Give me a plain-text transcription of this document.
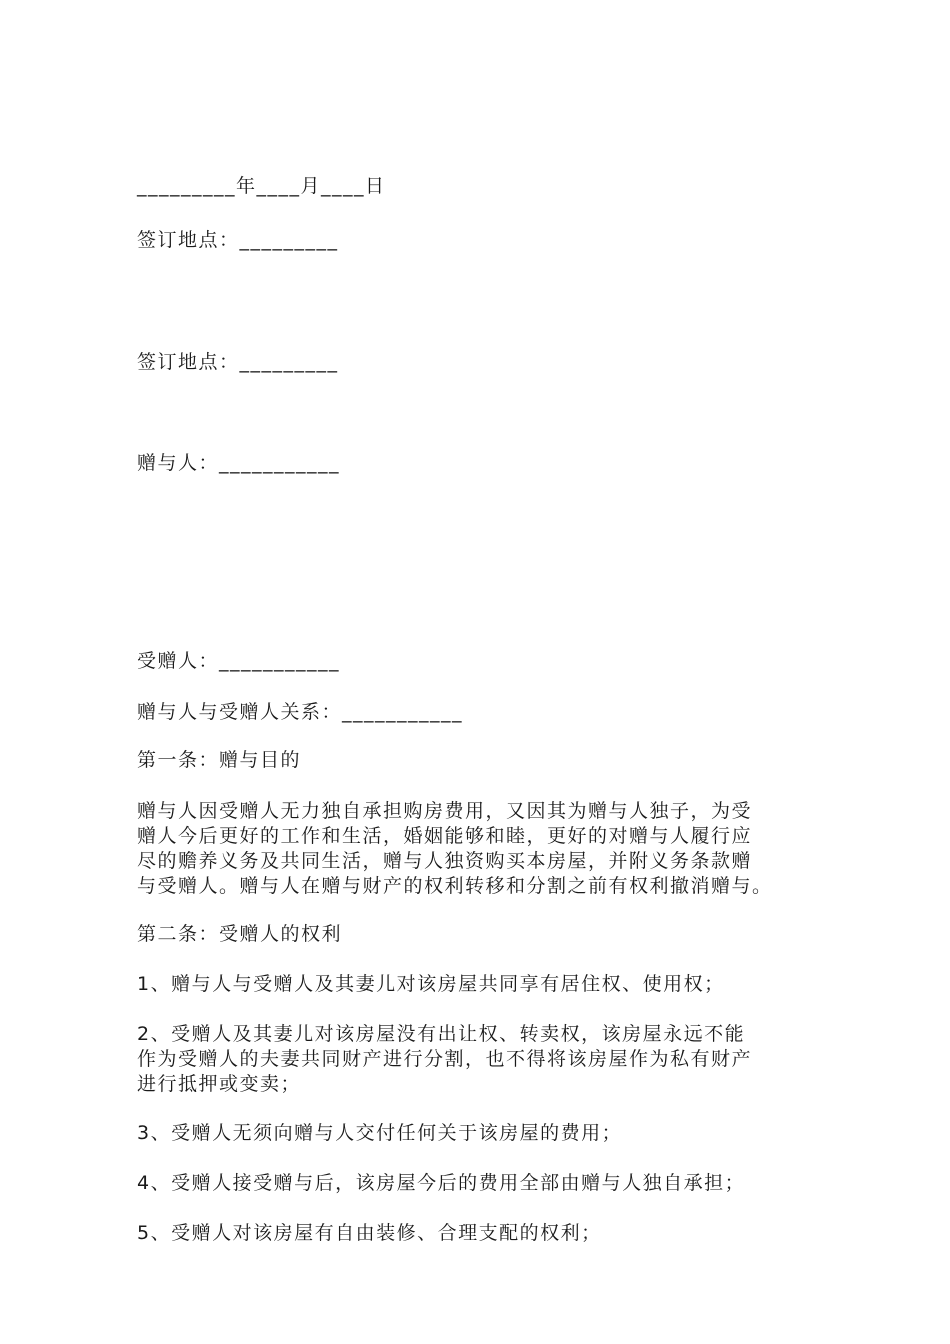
_________年____月____日
签订地点：_________
签订地点：_________
赠与人：___________
受赠人：___________
赠与人与受赠人关系：___________
第一条：赠与目的
赠与人因受赠人无力独自承担购房费用，又因其为赠与人独子，为受
赠人今后更好的工作和生活，婚姻能够和睦，更好的对赠与人履行应
尽的赡养义务及共同生活，赠与人独资购买本房屋，并附义务条款赠
与受赠人。赠与人在赠与财产的权利转移和分割之前有权利撤消赠与。
第二条：受赠人的权利
1、赠与人与受赠人及其妻儿对该房屋共同享有居住权、使用权；
2、受赠人及其妻儿对该房屋没有出让权、转卖权，该房屋永远不能
作为受赠人的夫妻共同财产进行分割，也不得将该房屋作为私有财产
进行抵押或变卖；
3、受赠人无须向赠与人交付任何关于该房屋的费用；
4、受赠人接受赠与后，该房屋今后的费用全部由赠与人独自承担；
5、受赠人对该房屋有自由装修、合理支配的权利；
